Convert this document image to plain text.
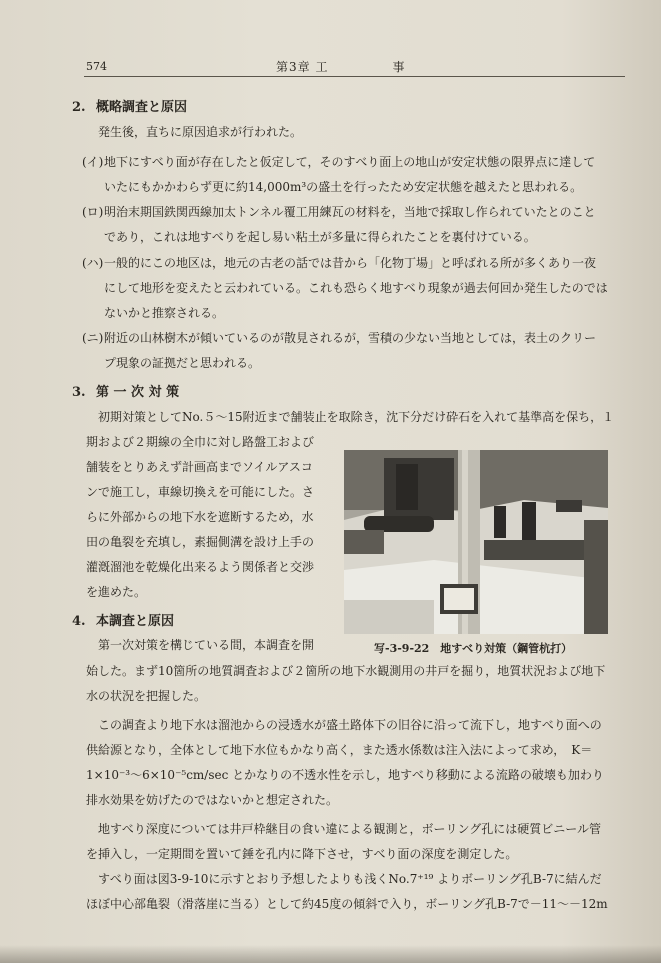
574	第3章 工	事
2. 概略調査と原因
発生後，直ちに原因追求が行われた。
(イ)地下にすべり面が存在したと仮定して，そのすべり面上の地山が安定状態の限界点に達して
いたにもかかわらず更に約14,000m³の盛土を行ったため安定状態を越えたと思われる。
(ロ)明治末期国鉄関西線加太トンネル覆工用練瓦の材料を，当地で採取し作られていたとのこと
であり，これは地すべりを起し易い粘土が多量に得られたことを裏付けている。
(ハ)一般的にこの地区は，地元の古老の話では昔から「化物丁場」と呼ばれる所が多くあり一夜
にして地形を変えたと云われている。これも恐らく地すべり現象が過去何回か発生したのでは
ないかと推察される。
(ニ)附近の山林樹木が傾いているのが散見されるが，雪積の少ない当地としては，表土のクリー
プ現象の証拠だと思われる。
3. 第 一 次 対 策
初期対策としてNo.５～15附近まで舗装止を取除き，沈下分だけ砕石を入れて基準高を保ち，１
期および２期線の全巾に対し路盤工および
舗装をとりあえず計画高までソイルアスコ
ンで施工し，車線切換えを可能にした。さ
らに外部からの地下水を遮断するため，水
田の亀裂を充填し，素掘側溝を設け上手の
灌漑溜池を乾燥化出来るよう関係者と交渉
を進めた。
写-3-9-22　地すべり対策（鋼管杭打）
4. 本調査と原因
第一次対策を構じている間，本調査を開
始した。まず10箇所の地質調査および２箇所の地下水観測用の井戸を掘り，地質状況および地下
水の状況を把握した。
この調査より地下水は溜池からの浸透水が盛土路体下の旧谷に沿って流下し，地すべり面への
供給源となり，全体として地下水位もかなり高く，また透水係数は注入法によって求め，　K＝
1×10⁻³～6×10⁻⁵cm/sec とかなりの不透水性を示し，地すべり移動による流路の破壊も加わり
排水効果を妨げたのではないかと想定された。
地すべり深度については井戸枠継目の食い違による観測と，ボーリング孔には硬質ビニール管
を挿入し，一定期間を置いて錘を孔内に降下させ，すべり面の深度を測定した。
すべり面は図3-9-10に示すとおり予想したよりも浅くNo.7⁺¹⁹ よりボーリング孔B-7に結んだ
ほぼ中心部亀裂（滑落崖に当る）として約45度の傾斜で入り，ボーリング孔B-7で－11～－12m
